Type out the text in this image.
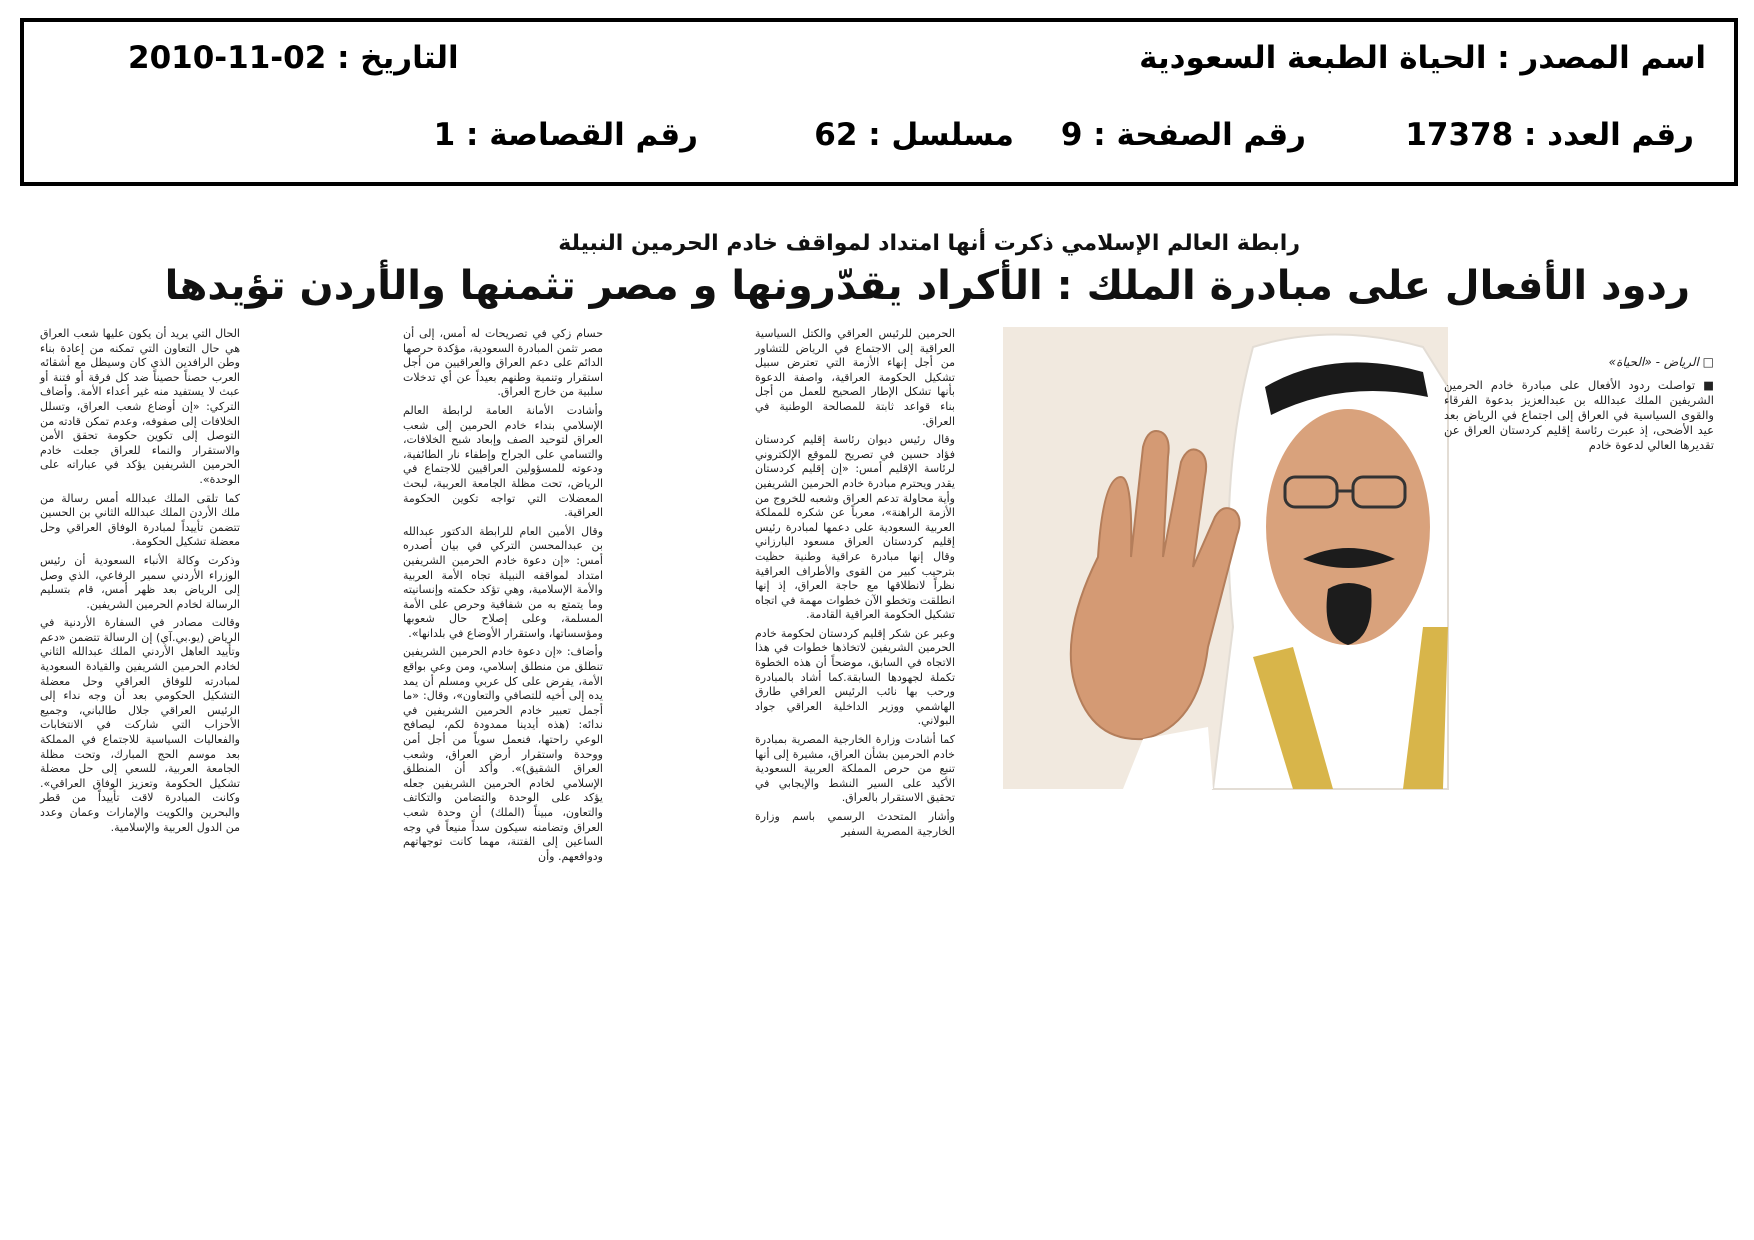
اسم المصدر : الحياة الطبعة السعودية
التاريخ : 02-11-2010
رقم العدد : 17378
رقم الصفحة : 9
مسلسل : 62
رقم القصاصة : 1
رابطة العالم الإسلامي ذكرت أنها امتداد لمواقف خادم الحرمين النبيلة
ردود الأفعال على مبادرة الملك : الأكراد يقدّرونها و مصر تثمنها والأردن تؤيدها
□ الرياض - «الحياة»
■ تواصلت ردود الأفعال على مبادرة خادم الحرمين الشريفين الملك عبدالله بن عبدالعزيز بدعوة الفرقاء والقوى السياسية في العراق إلى اجتماع في الرياض بعد عيد الأضحى، إذ عبرت رئاسة إقليم كردستان العراق عن تقديرها العالي لدعوة خادم

الحرمين للرئيس العراقي والكتل السياسية العراقية إلى الاجتماع في الرياض للتشاور من أجل إنهاء الأزمة التي تعترض سبيل تشكيل الحكومة العراقية، واصفة الدعوة بأنها تشكل الإطار الصحيح للعمل من أجل بناء قواعد ثابتة للمصالحة الوطنية في العراق.

وقال رئيس ديوان رئاسة إقليم كردستان فؤاد حسين في تصريح للموقع الإلكتروني لرئاسة الإقليم أمس: «إن إقليم كردستان يقدر ويحترم مبادرة خادم الحرمين الشريفين وأية محاولة تدعم العراق وشعبه للخروج من الأزمة الراهنة»، معرباً عن شكره للمملكة العربية السعودية على دعمها لمبادرة رئيس إقليم كردستان العراق مسعود البارزاني وقال إنها مبادرة عراقية وطنية حظيت بترحيب كبير من القوى والأطراف العراقية نظراً لانطلاقها مع حاجة العراق، إذ إنها انطلقت وتخطو الآن خطوات مهمة في اتجاه تشكيل الحكومة العراقية القادمة.

وعبر عن شكر إقليم كردستان لحكومة خادم الحرمين الشريفين لاتخاذها خطوات في هذا الاتجاه في السابق، موضحاً أن هذه الخطوة تكملة لجهودها السابقة.كما أشاد بالمبادرة ورحب بها نائب الرئيس العراقي طارق الهاشمي ووزير الداخلية العراقي جواد البولاني.

كما أشادت وزارة الخارجية المصرية بمبادرة خادم الحرمين بشأن العراق، مشيرة إلى أنها تنبع من حرص المملكة العربية السعودية الأكيد على السير النشط والإيجابي في تحقيق الاستقرار بالعراق.

وأشار المتحدث الرسمي باسم وزارة الخارجية المصرية السفير

حسام زكي في تصريحات له أمس، إلى أن مصر تثمن المبادرة السعودية، مؤكدة حرصها الدائم على دعم العراق والعراقيين من أجل استقرار وتنمية وطنهم بعيداً عن أي تدخلات سلبية من خارج العراق.

وأشادت الأمانة العامة لرابطة العالم الإسلامي بنداء خادم الحرمين إلى شعب العراق لتوحيد الصف وإبعاد شبح الخلافات، والتسامي على الجراح وإطفاء نار الطائفية، ودعوته للمسؤولين العراقيين للاجتماع في الرياض، تحت مظلة الجامعة العربية، لبحث المعضلات التي تواجه تكوين الحكومة العراقية.

وقال الأمين العام للرابطة الدكتور عبدالله بن عبدالمحسن التركي في بيان أصدره أمس: «إن دعوة خادم الحرمين الشريفين امتداد لمواقفه النبيلة تجاه الأمة العربية والأمة الإسلامية، وهي تؤكد حكمته وإنسانيته وما يتمتع به من شفافية وحرص على الأمة المسلمة، وعلى إصلاح حال شعوبها ومؤسساتها، واستقرار الأوضاع في بلدانها».

وأضاف: «إن دعوة خادم الحرمين الشريفين تنطلق من منطلق إسلامي، ومن وعي بواقع الأمة، يفرض على كل عربي ومسلم أن يمد يده إلى أخيه للتصافي والتعاون»، وقال: «ما أجمل تعبير خادم الحرمين الشريفين في ندائه: (هذه أيدينا ممدودة لكم، ليصافح الوعي راحتها، فنعمل سوياً من أجل أمن ووحدة واستقرار أرض العراق، وشعب العراق الشقيق)». وأكد أن المنطلق الإسلامي لخادم الحرمين الشريفين جعله يؤكد على الوحدة والتضامن والتكاتف والتعاون، مبيناً (الملك) أن وحدة شعب العراق وتضامنه سيكون سداً منيعاً في وجه الساعين إلى الفتنة، مهما كانت توجهاتهم ودوافعهم. وأن

الحال التي يريد أن يكون عليها شعب العراق هي حال التعاون التي تمكنه من إعادة بناء وطن الرافدين الذي كان وسيظل مع أشقائه العرب حصناً حصيناً ضد كل فرقة أو فتنة أو عبث لا يستفيد منه غير أعداء الأمة. وأضاف التركي: «إن أوضاع شعب العراق، وتسلل الخلافات إلى صفوفه، وعدم تمكن قادته من التوصل إلى تكوين حكومة تحقق الأمن والاستقرار والنماء للعراق جعلت خادم الحرمين الشريفين يؤكد في عباراته على الوحدة».

كما تلقى الملك عبدالله أمس رسالة من ملك الأردن الملك عبدالله الثاني بن الحسين تتضمن تأييداً لمبادرة الوفاق العراقي وحل معضلة تشكيل الحكومة.

وذكرت وكالة الأنباء السعودية أن رئيس الوزراء الأردني سمير الرفاعي، الذي وصل إلى الرياض بعد ظهر أمس، قام بتسليم الرسالة لخادم الحرمين الشريفين.

وقالت مصادر في السفارة الأردنية في الرياض (يو.بي.آي) إن الرسالة تتضمن «دعم وتأييد العاهل الأردني الملك عبدالله الثاني لخادم الحرمين الشريفين والقيادة السعودية لمبادرته للوفاق العراقي وحل معضلة التشكيل الحكومي بعد أن وجه نداء إلى الرئيس العراقي جلال طالباني، وجميع الأحزاب التي شاركت في الانتخابات والفعاليات السياسية للاجتماع في المملكة بعد موسم الحج المبارك، وتحت مظلة الجامعة العربية، للسعي إلى حل معضلة تشكيل الحكومة وتعزيز الوفاق العراقي». وكانت المبادرة لاقت تأييداً من قطر والبحرين والكويت والإمارات وعمان وعدد من الدول العربية والإسلامية.
